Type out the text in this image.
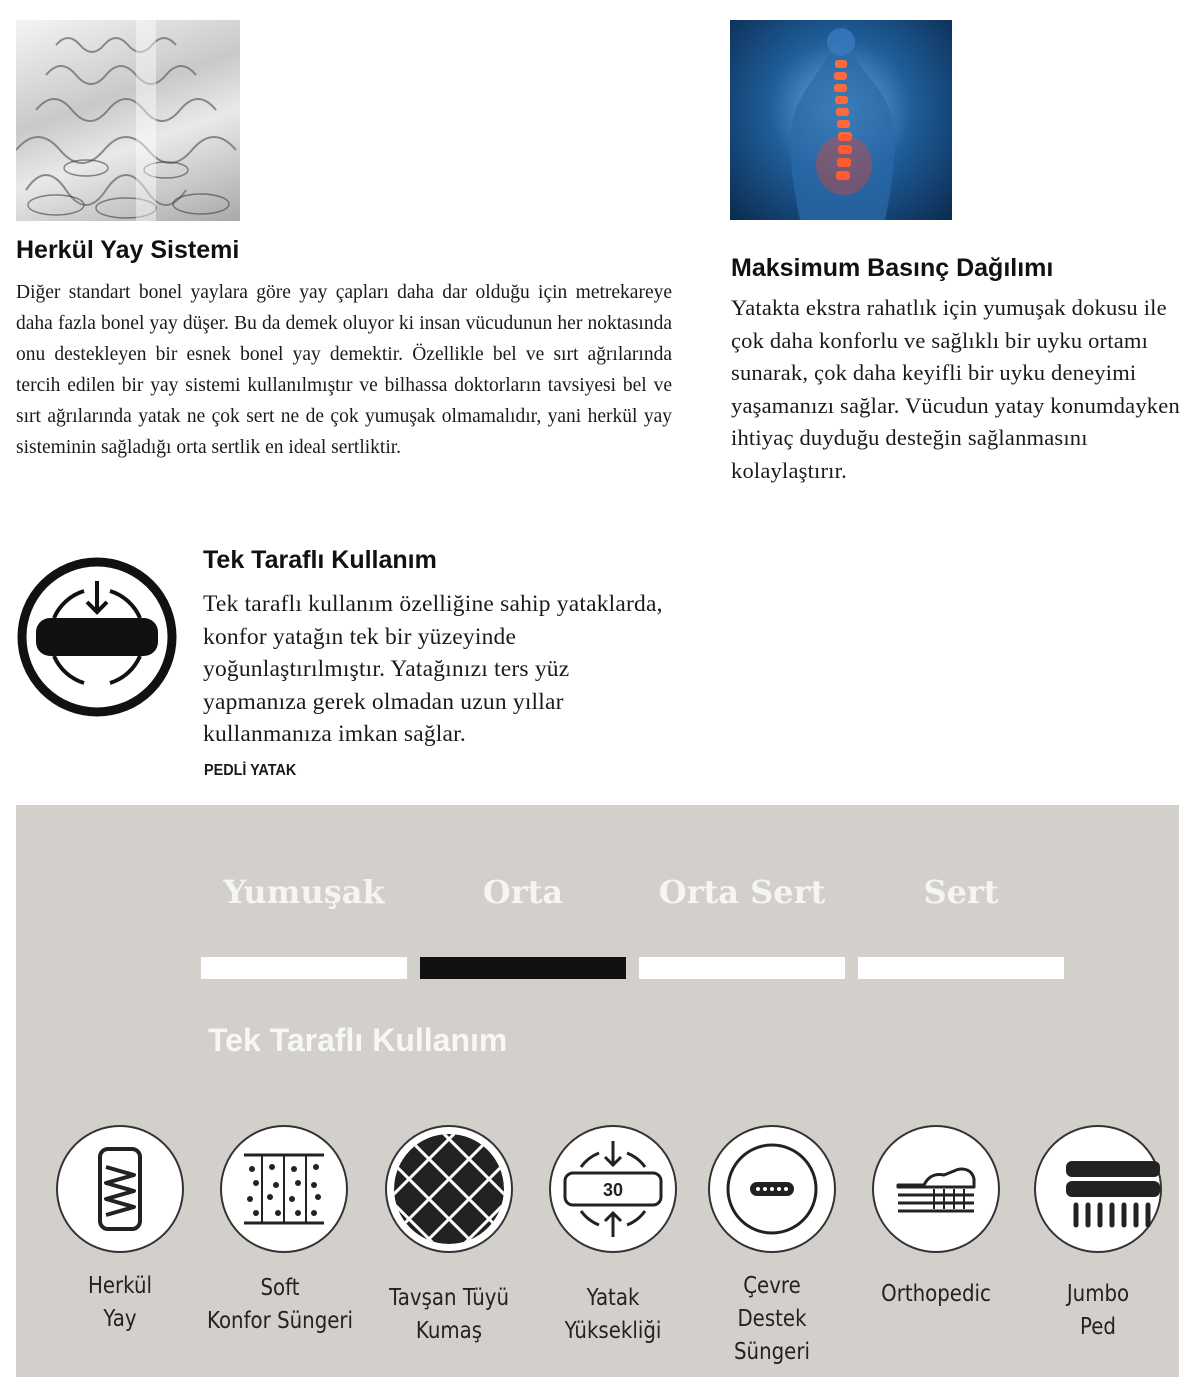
Herkül Yay Sistemi

Diğer standart bonel yaylara göre yay çapları daha dar olduğu için metrekareye daha fazla bonel yay düşer. Bu da demek oluyor ki insan vücudunun her noktasında onu destekleyen bir esnek bonel yay demektir. Özellikle bel ve sırt ağrılarında tercih edilen bir yay sistemi kullanılmıştır ve bilhassa doktorların tavsiyesi bel ve sırt ağrılarında yatak ne çok sert ne de çok yumuşak olmamalıdır, yani herkül yay sisteminin sağladığı orta sertlik en ideal sertliktir.

Maksimum Basınç Dağılımı

Yatakta ekstra rahatlık için yumuşak dokusu ile çok daha konforlu ve sağlıklı bir uyku ortamı sunarak, çok daha keyifli bir uyku deneyimi yaşamanızı sağlar. Vücudun yatay konumdayken ihtiyaç duyduğu desteğin sağlanmasını kolaylaştırır.

Tek Taraflı Kullanım

Tek taraflı kullanım özelliğine sahip yataklarda, konfor yatağın tek bir yüzeyinde yoğunlaştırılmıştır. Yatağınızı ters yüz yapmanıza gerek olmadan uzun yıllar kullanmanıza imkan sağlar.

PEDLİ YATAK
Yumuşak	Orta	Orta Sert	Sert
Tek Taraflı Kullanım
Herkül
Yay
Soft
Konfor Süngeri
Tavşan Tüyü
Kumaş
30
Yatak
Yüksekliği
Çevre
Destek Süngeri
Orthopedic	Jumbo
Ped
